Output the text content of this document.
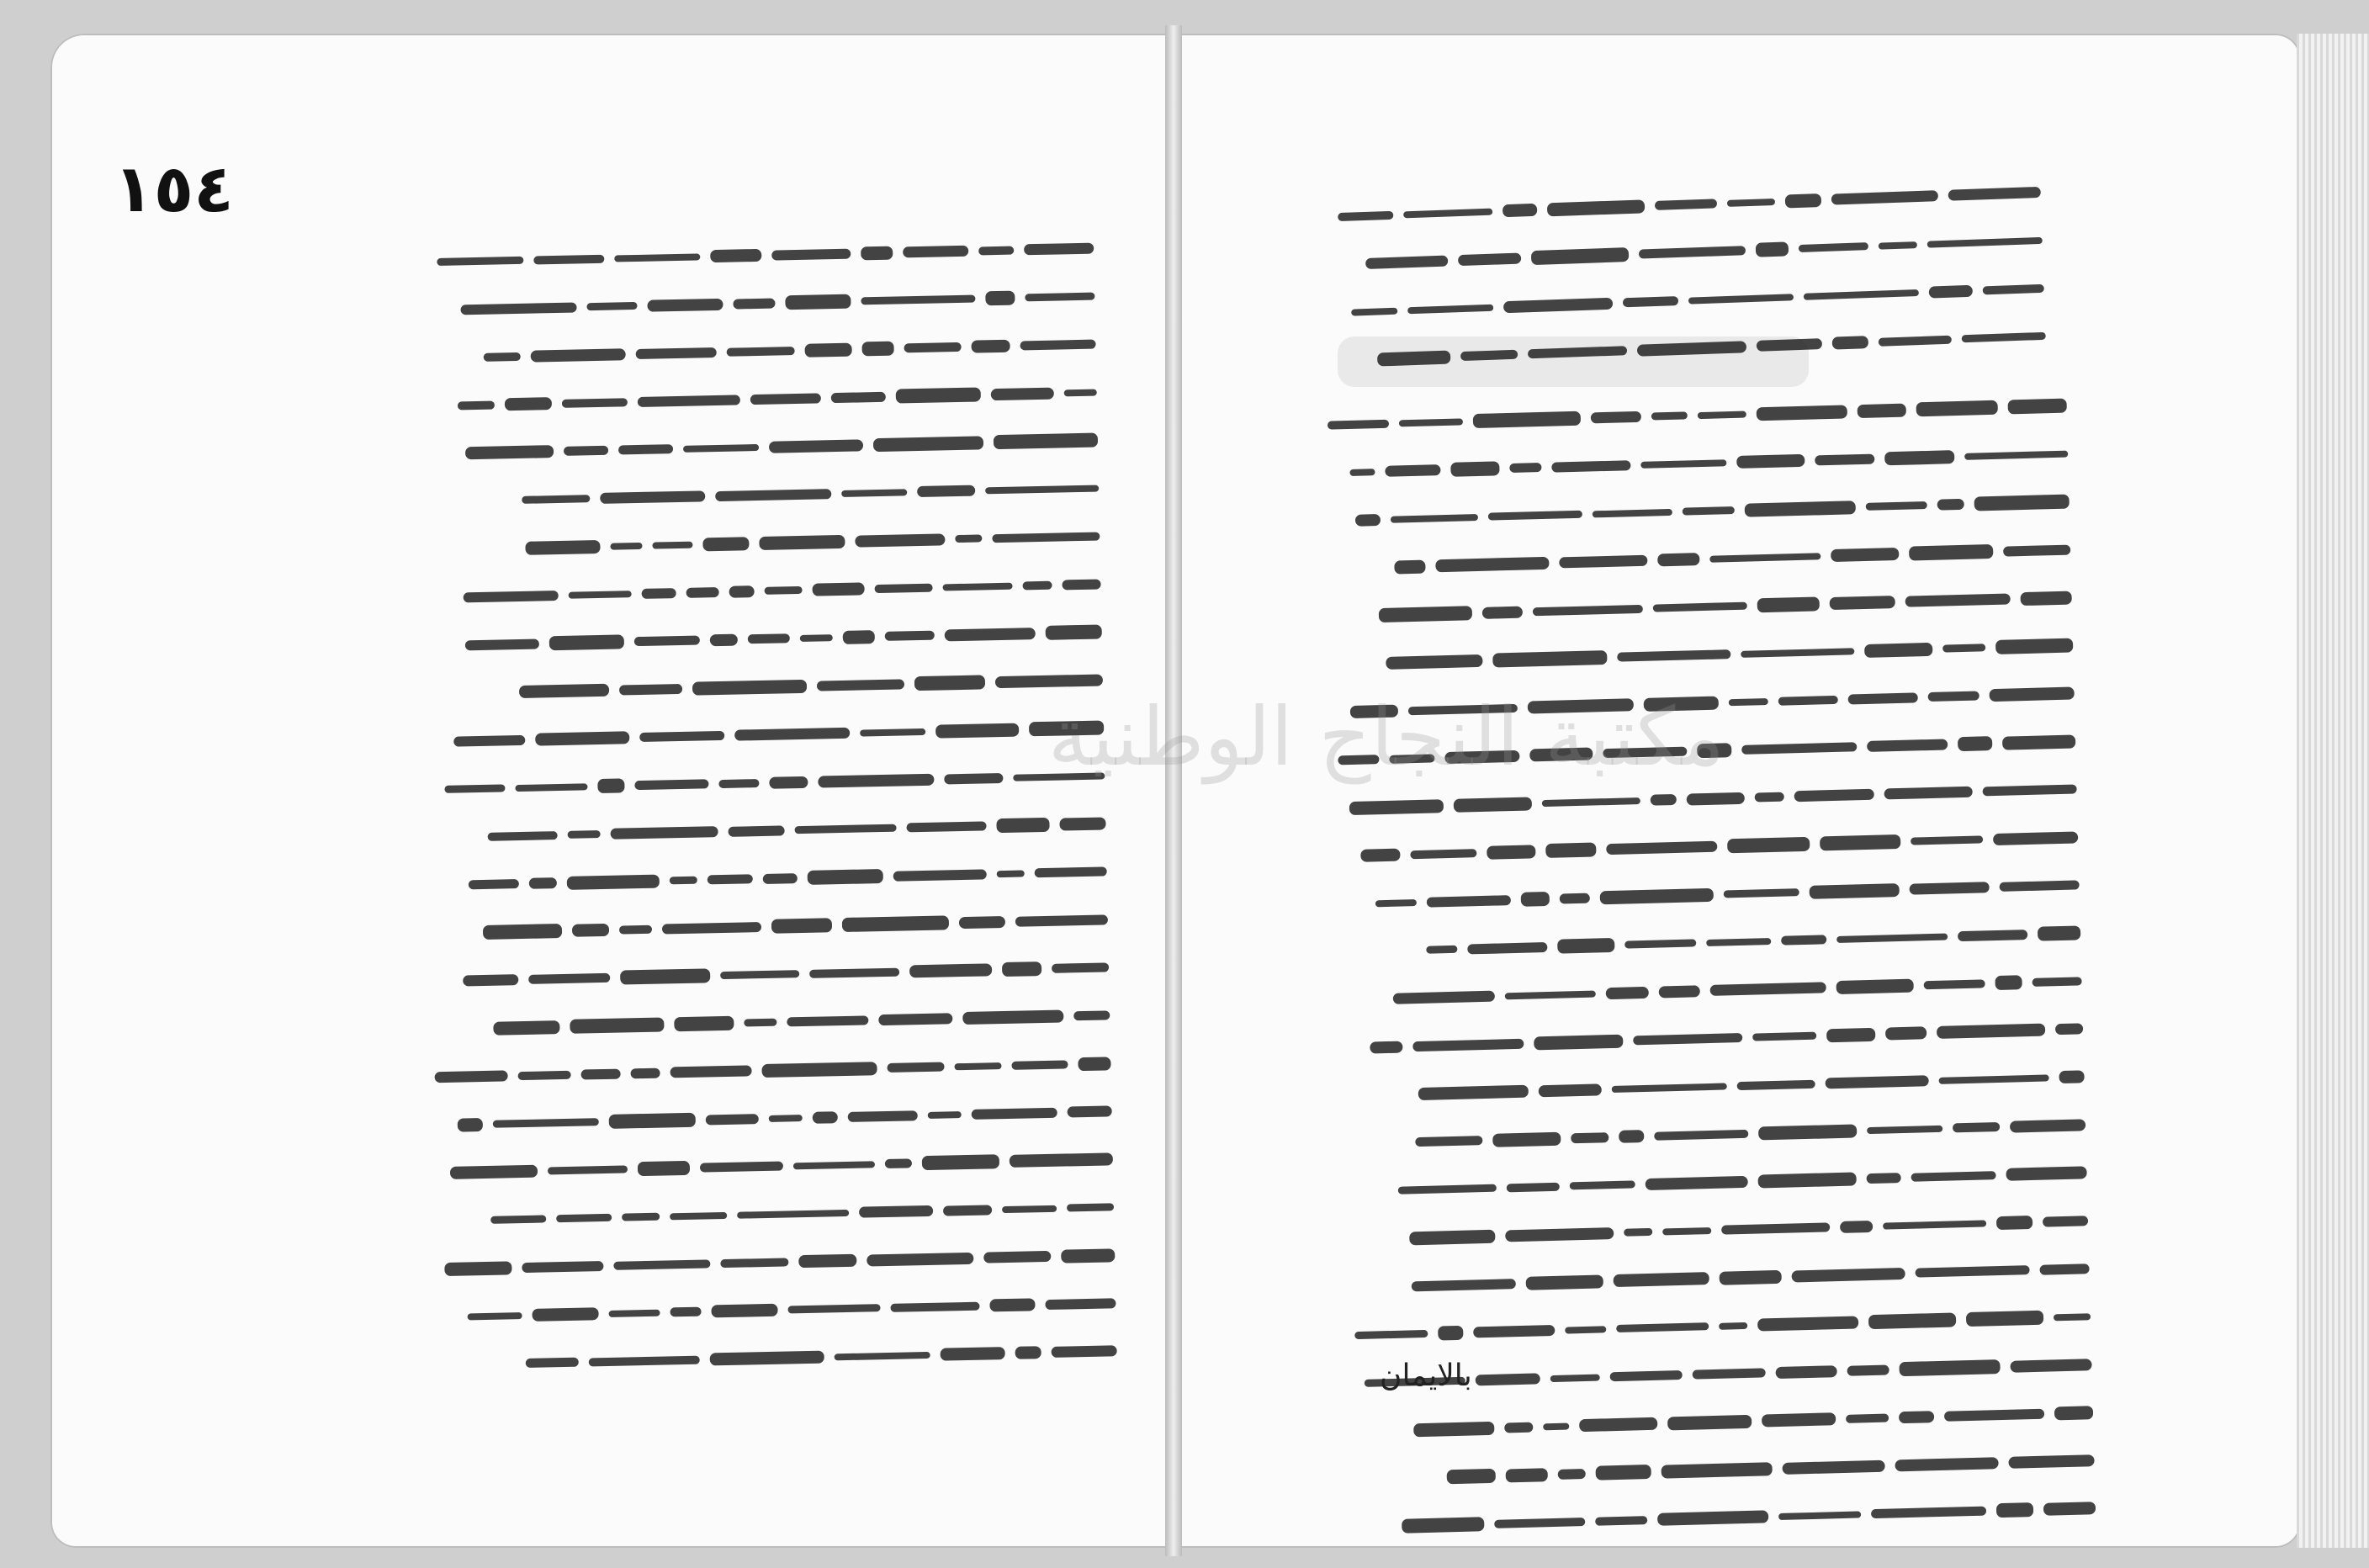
١٥٤
مكتبة النجاح الوطنية
بالايمان
